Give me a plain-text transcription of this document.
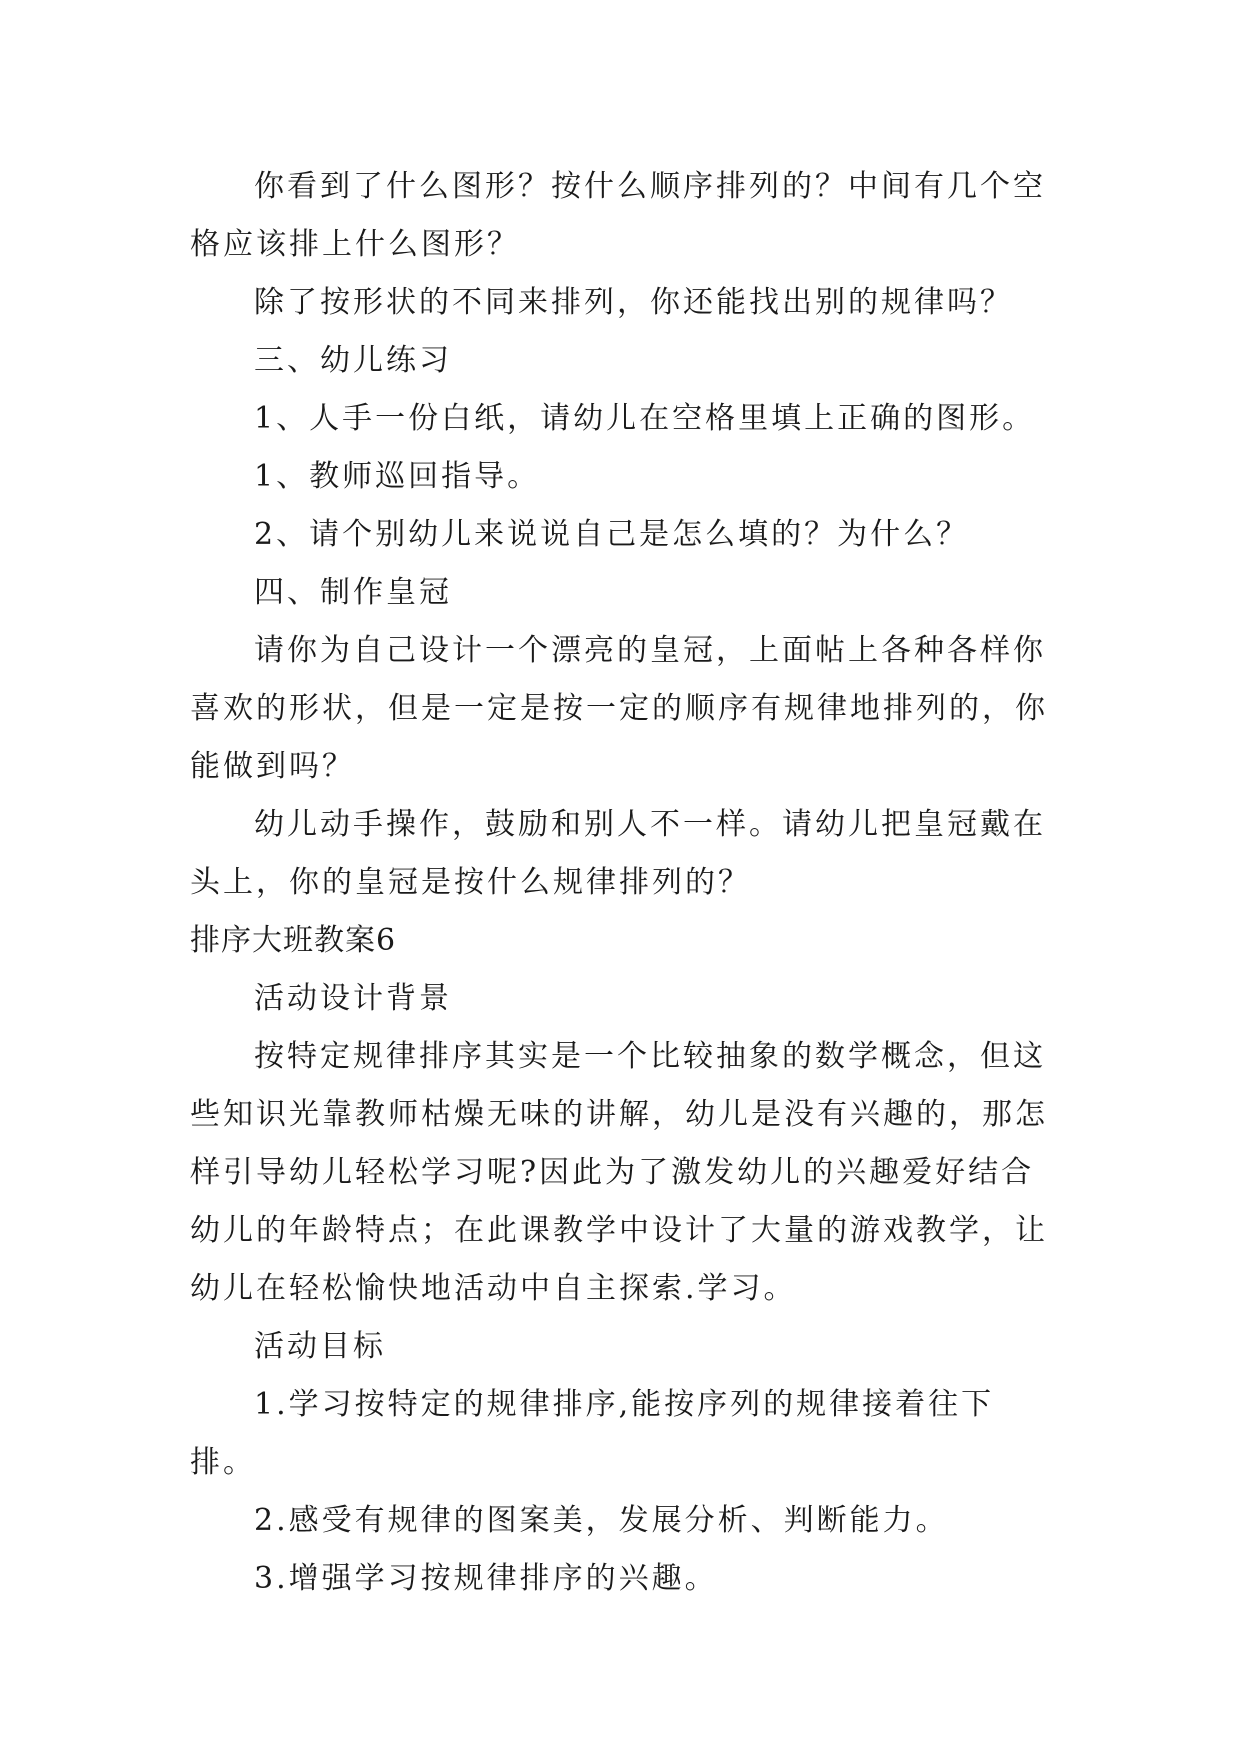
你看到了什么图形？按什么顺序排列的？中间有几个空格应该排上什么图形？

除了按形状的不同来排列，你还能找出别的规律吗？

三、幼儿练习

1、人手一份白纸，请幼儿在空格里填上正确的图形。

1、教师巡回指导。

2、请个别幼儿来说说自己是怎么填的？为什么？

四、制作皇冠

请你为自己设计一个漂亮的皇冠，上面帖上各种各样你喜欢的形状，但是一定是按一定的顺序有规律地排列的，你能做到吗？

幼儿动手操作，鼓励和别人不一样。请幼儿把皇冠戴在头上，你的皇冠是按什么规律排列的？

排序大班教案6

活动设计背景

按特定规律排序其实是一个比较抽象的数学概念，但这些知识光靠教师枯燥无味的讲解，幼儿是没有兴趣的，那怎样引导幼儿轻松学习呢?因此为了激发幼儿的兴趣爱好结合幼儿的年龄特点；在此课教学中设计了大量的游戏教学，让幼儿在轻松愉快地活动中自主探索.学习。

活动目标

1.学习按特定的规律排序,能按序列的规律接着往下排。

2.感受有规律的图案美，发展分析、判断能力。

3.增强学习按规律排序的兴趣。
